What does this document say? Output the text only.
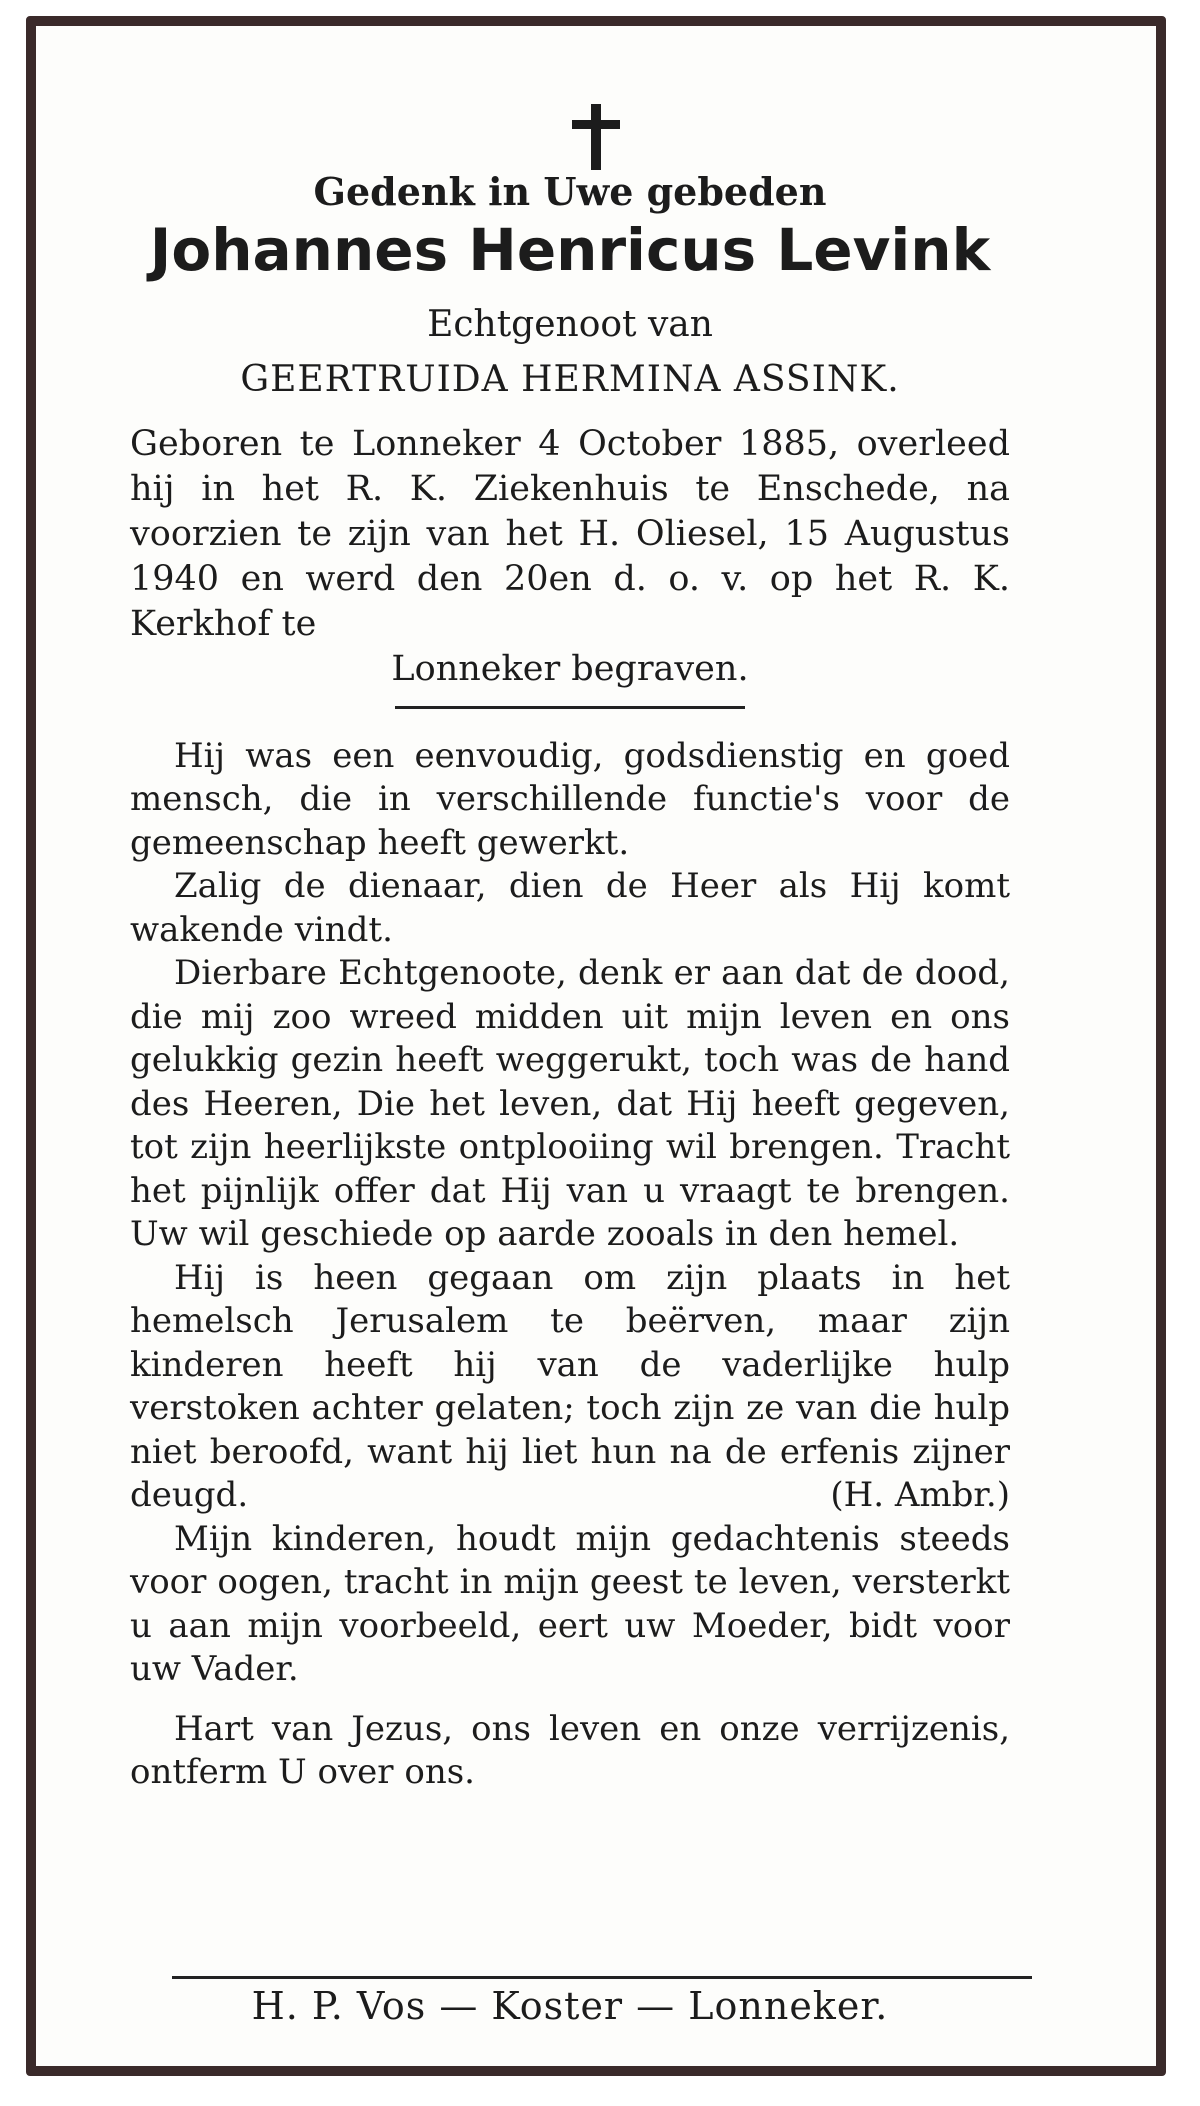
Gedenk in Uwe gebeden

Johannes Henricus Levink

Echtgenoot van

GEERTRUIDA HERMINA ASSINK.

Geboren te Lonneker 4 October 1885, overleed hij in het R. K. Ziekenhuis te Enschede, na voorzien te zijn van het H. Oliesel, 15 Augustus 1940 en werd den 20en d. o. v. op het R. K. Kerkhof te

Lonneker begraven.

Hij was een eenvoudig, godsdienstig en goed mensch, die in verschillende functie's voor de gemeenschap heeft gewerkt.

Zalig de dienaar, dien de Heer als Hij komt wakende vindt.

Dierbare Echtgenoote, denk er aan dat de dood, die mij zoo wreed midden uit mijn leven en ons gelukkig gezin heeft weggerukt, toch was de hand des Heeren, Die het leven, dat Hij heeft gegeven, tot zijn heerlijkste ontplooiing wil brengen. Tracht het pijnlijk offer dat Hij van u vraagt te brengen. Uw wil geschiede op aarde zooals in den hemel.

Hij is heen gegaan om zijn plaats in het hemelsch Jerusalem te beërven, maar zijn kinderen heeft hij van de vaderlijke hulp verstoken achter gelaten; toch zijn ze van die hulp niet beroofd, want hij liet hun na de erfenis zijner deugd.	(H. Ambr.)

Mijn kinderen, houdt mijn gedachtenis steeds voor oogen, tracht in mijn geest te leven, versterkt u aan mijn voorbeeld, eert uw Moeder, bidt voor uw Vader.

Hart van Jezus, ons leven en onze verrijzenis, ontferm U over ons.

H. P. Vos — Koster — Lonneker.
